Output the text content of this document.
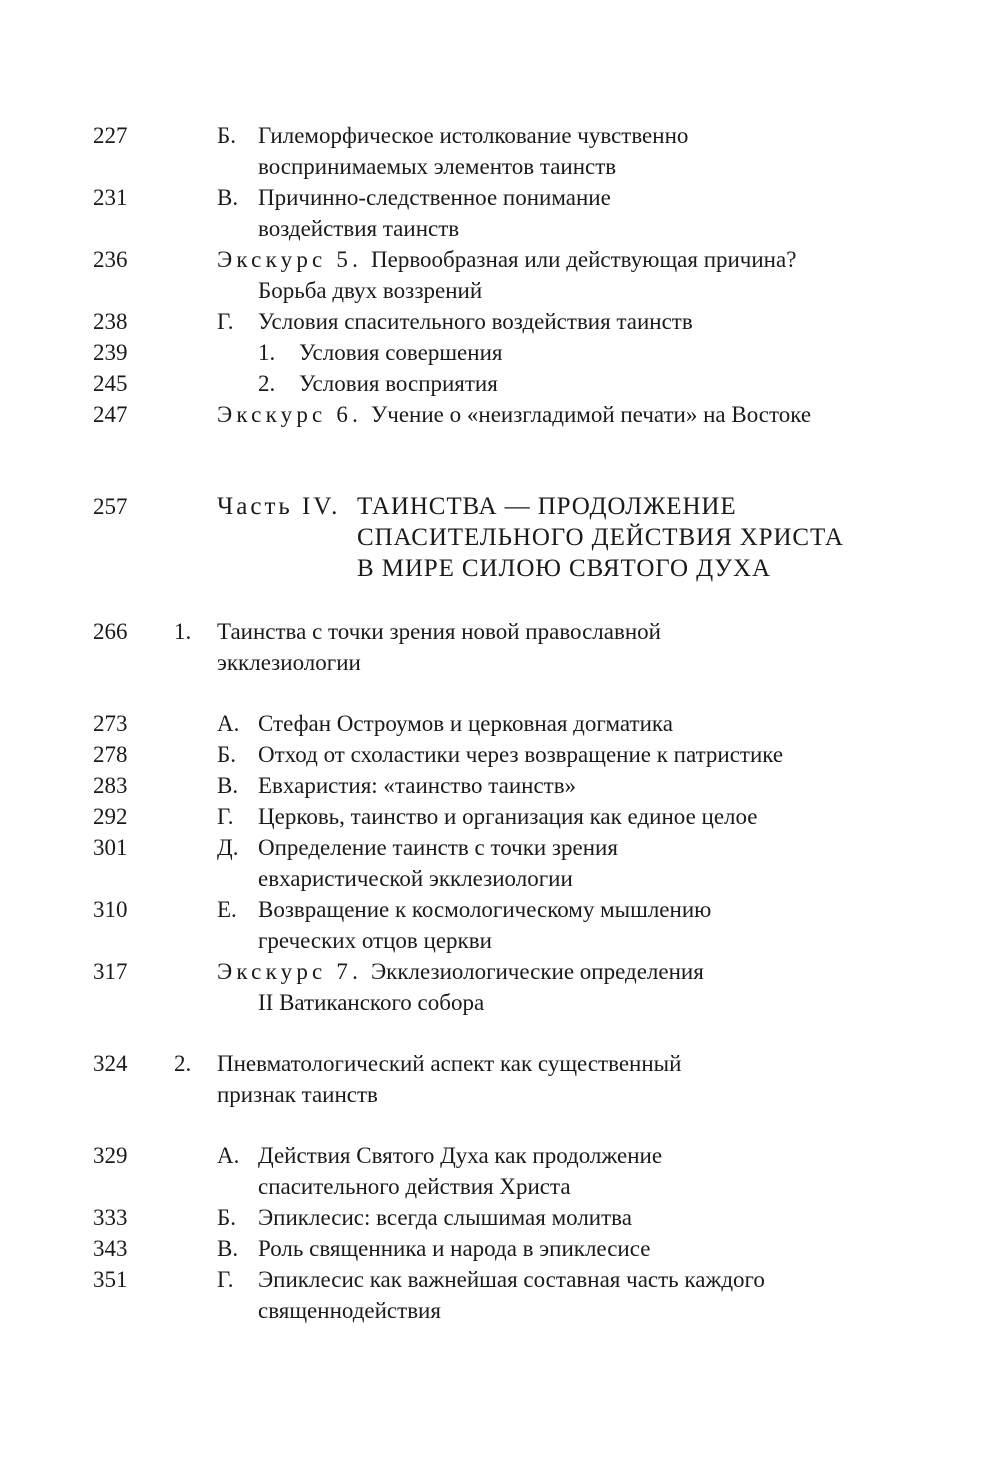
227	Б. Гилеморфическое истолкование чувственно
воспринимаемых элементов таинств
231	В. Причинно-следственное понимание
воздействия таинств
236	Экскурс 5. Первообразная или действующая причина?
Борьба двух воззрений
238	Г. Условия спасительного воздействия таинств
239	1. Условия совершения
245	2. Условия восприятия
247	Экскурс 6. Учение о «неизгладимой печати» на Востоке
257	Часть IV. ТАИНСТВА — ПРОДОЛЖЕНИЕ
СПАСИТЕЛЬНОГО ДЕЙСТВИЯ ХРИСТА
В МИРЕ СИЛОЮ СВЯТОГО ДУХА
266 1. Таинства с точки зрения новой православной
экклезиологии
273	А. Стефан Остроумов и церковная догматика
278	Б. Отход от схоластики через возвращение к патристике
283	В. Евхаристия: «таинство таинств»
292	Г. Церковь, таинство и организация как единое целое
301	Д. Определение таинств с точки зрения
евхаристической экклезиологии
310	Е. Возвращение к космологическому мышлению
греческих отцов церкви
317	Экскурс 7. Экклезиологические определения
II Ватиканского собора
324 2. Пневматологический аспект как существенный
признак таинств
329	А. Действия Святого Духа как продолжение
спасительного действия Христа
333	Б. Эпиклесис: всегда слышимая молитва
343	В. Роль священника и народа в эпиклесисе
351	Г. Эпиклесис как важнейшая составная часть каждого
священнодействия
